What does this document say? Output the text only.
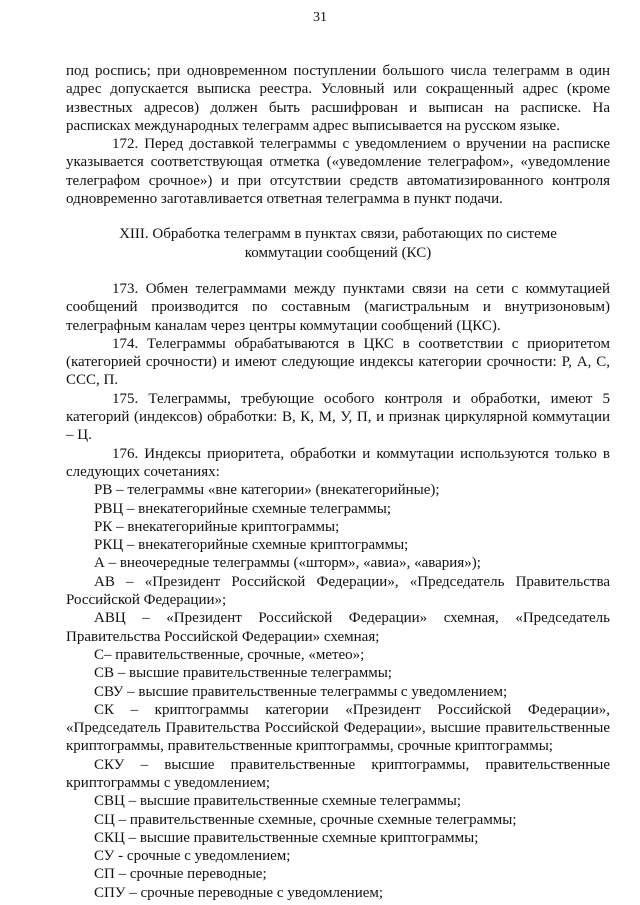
31

под роспись; при одновременном поступлении большого числа телеграмм в один адрес допускается выписка реестра. Условный или сокращенный адрес (кроме известных адресов) должен быть расшифрован и выписан на расписке. На расписках международных телеграмм адрес выписывается на русском языке.

172. Перед доставкой телеграммы с уведомлением о вручении на расписке указывается соответствующая отметка («уведомление телеграфом», «уведомление телеграфом срочное») и при отсутствии средств автоматизированного контроля одновременно заготавливается ответная телеграмма в пункт подачи.

XIII. Обработка телеграмм в пунктах связи, работающих по системе
коммутации сообщений (КС)

173. Обмен телеграммами между пунктами связи на сети с коммутацией сообщений производится по составным (магистральным и внутризоновым) телеграфным каналам через центры коммутации сообщений (ЦКС).

174. Телеграммы обрабатываются в ЦКС в соответствии с приоритетом (категорией срочности) и имеют следующие индексы категории срочности: Р, А, С, ССС, П.

175. Телеграммы, требующие особого контроля и обработки, имеют 5 категорий (индексов) обработки: В, К, М, У, П, и признак циркулярной коммутации – Ц.

176. Индексы приоритета, обработки и коммутации используются только в следующих сочетаниях:

РВ – телеграммы «вне категории» (внекатегорийные);

РВЦ – внекатегорийные схемные телеграммы;

РК – внекатегорийные криптограммы;

РКЦ – внекатегорийные схемные криптограммы;

А – внеочередные телеграммы («шторм», «авиа», «авария»);

АВ – «Президент Российской Федерации», «Председатель Правительства Российской Федерации»;

АВЦ – «Президент Российской Федерации» схемная, «Председатель Правительства Российской Федерации» схемная;

С– правительственные, срочные, «метео»;

СВ – высшие правительственные телеграммы;

СВУ – высшие правительственные телеграммы с уведомлением;

СК – криптограммы категории «Президент Российской Федерации», «Председатель Правительства Российской Федерации», высшие правительственные криптограммы, правительственные криптограммы, срочные криптограммы;

СКУ – высшие правительственные криптограммы, правительственные криптограммы с уведомлением;

СВЦ – высшие правительственные схемные телеграммы;

СЦ – правительственные схемные, срочные схемные телеграммы;

СКЦ – высшие правительственные схемные криптограммы;

СУ - срочные с уведомлением;

СП – срочные переводные;

СПУ – срочные переводные с уведомлением;
